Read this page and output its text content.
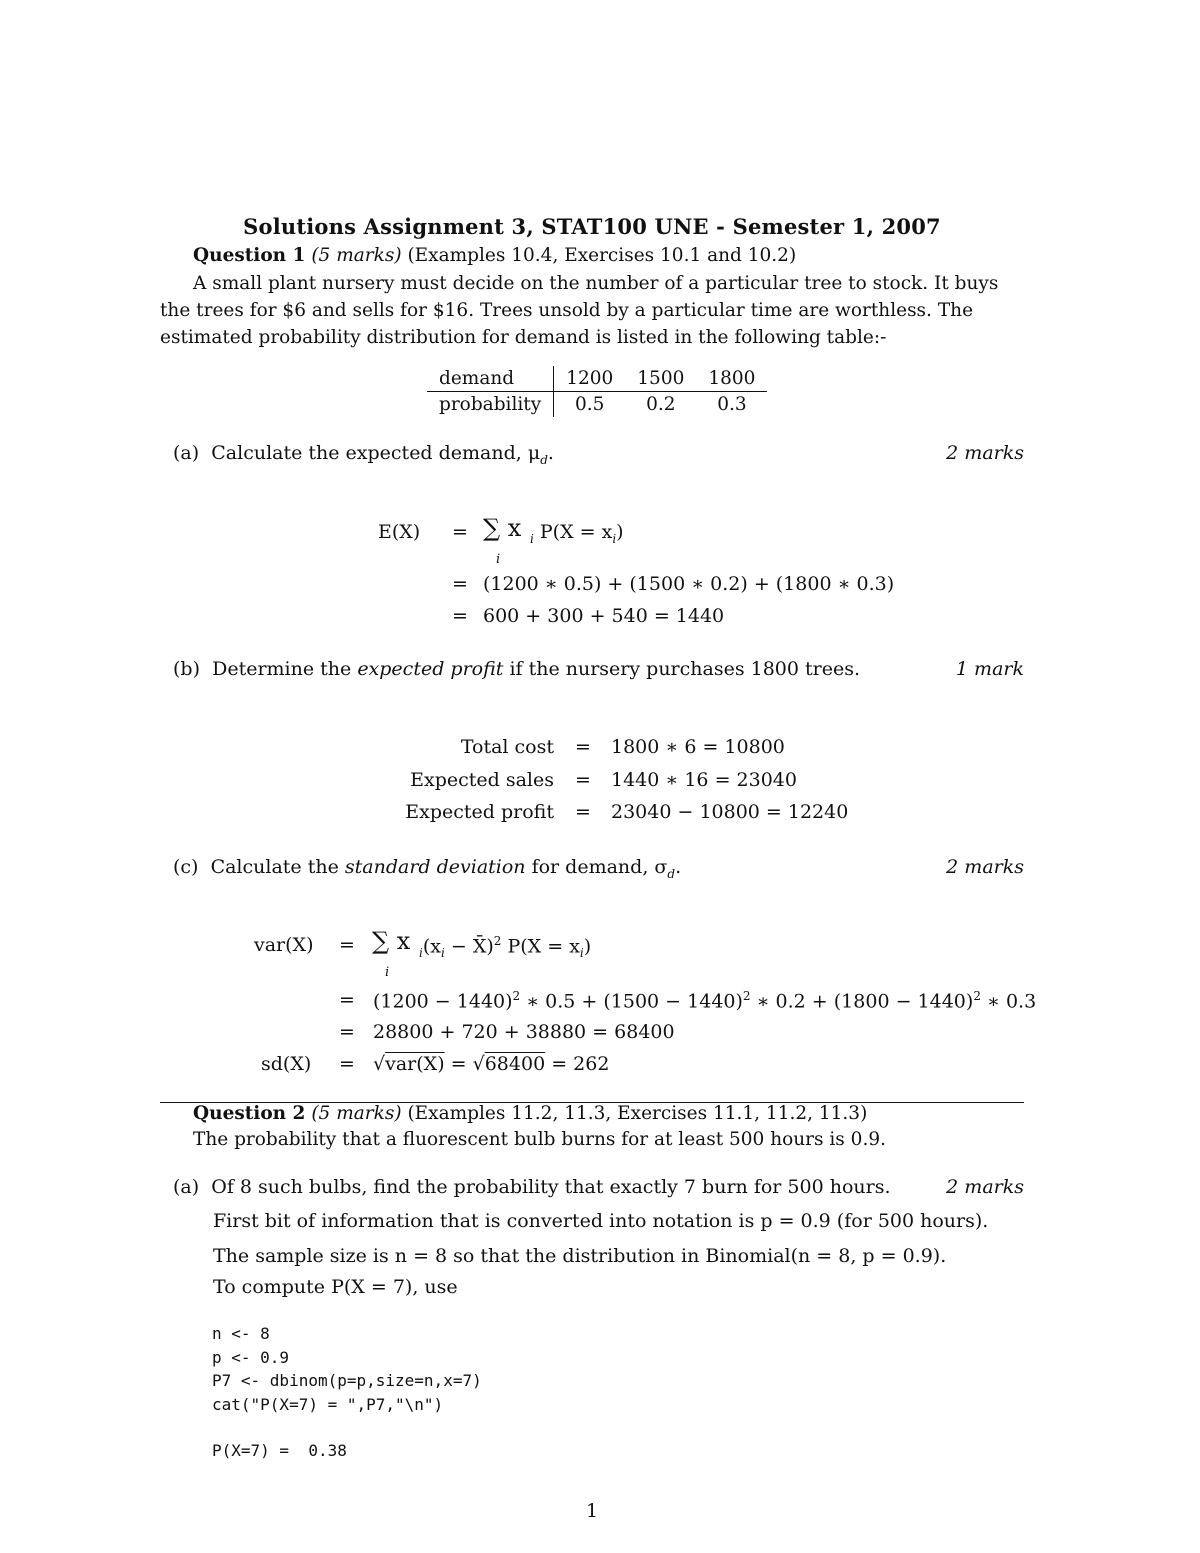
Solutions Assignment 3, STAT100 UNE - Semester 1, 2007
Question 1 (5 marks) (Examples 10.4, Exercises 10.1 and 10.2)
A small plant nursery must decide on the number of a particular tree to stock. It buys the trees for $6 and sells for $16. Trees unsold by a particular time are worthless. The estimated probability distribution for demand is listed in the following table:-
demand	1200	1500	1800
probability	0.5	0.2	0.3
(a) Calculate the expected demand, $\mu_d$.	2 marks
E(X) = ∑ x $_i$ $P(X = x_i)$
i
= (1200 ∗ 0.5) + (1500 ∗ 0.2) + (1800 ∗ 0.3)
= 600 + 300 + 540 = 1440
(b) Determine the expected profit if the nursery purchases 1800 trees.	1 mark
Total cost = 1800 ∗ 6 = 10800
Expected sales = 1440 ∗ 16 = 23040
Expected profit = 23040 − 10800 = 12240
(c) Calculate the standard deviation for demand, $\sigma_d$.	2 marks
var(X) = ∑ x $_i(x_i$ − X̄)$^2$ $P(X = x_i)$
i
= $(1200 - 1440)^2$ ∗ $0.5 + (1500 - 1440)^2$ ∗ $0.2 + (1800 - 1440)^2$ ∗ 0.3
= 28800 + 720 + 38880 = 68400
sd(X) = √var(X) = √68400 = 262
Question 2 (5 marks) (Examples 11.2, 11.3, Exercises 11.1, 11.2, 11.3)
The probability that a fluorescent bulb burns for at least 500 hours is 0.9.
(a) Of 8 such bulbs, find the probability that exactly 7 burn for 500 hours.	2 marks
First bit of information that is converted into notation is p = 0.9 (for 500 hours).
The sample size is n = 8 so that the distribution in Binomial(n = 8, p = 0.9).
To compute P(X = 7), use
n <- 8
p <- 0.9
P7 <- dbinom(p=p,size=n,x=7)
cat("P(X=7) = ",P7,"\n")
P(X=7) =  0.38
1
